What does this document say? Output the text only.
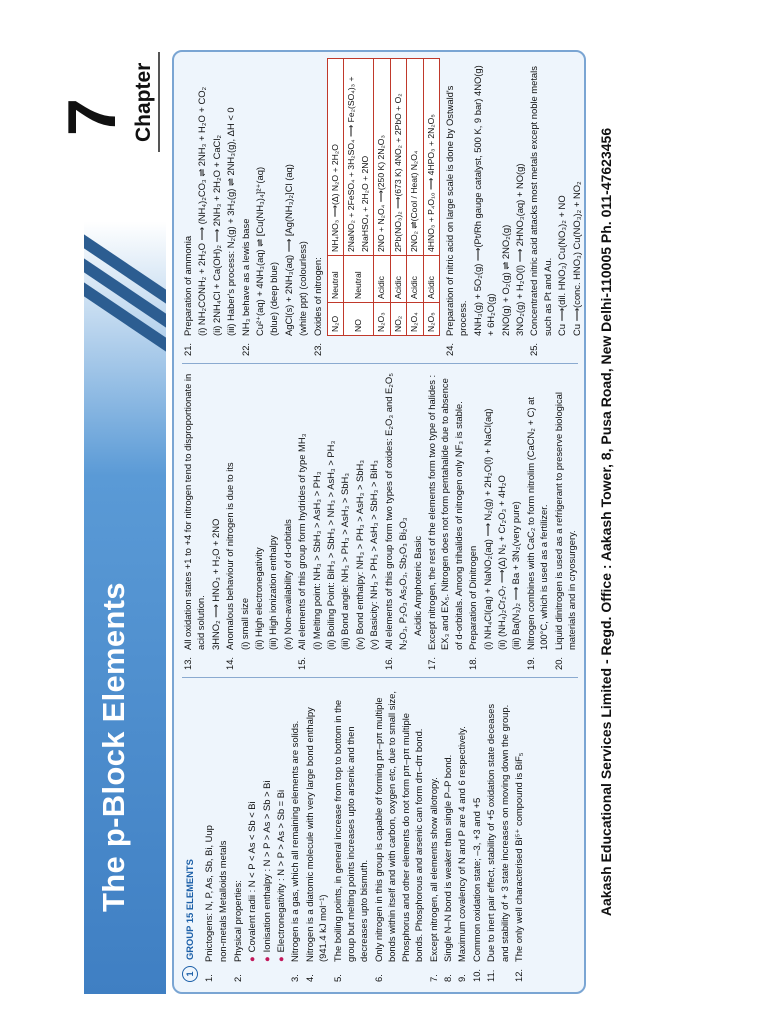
The p-Block Elements
7 Chapter
1
GROUP 15 ELEMENTS
1.
Pnictogens: N, P, As, Sb, Bi, Uup non-metals Metalloids metals
2.
Physical properties: ●Covalent radii : N < P < As < Sb < Bi
●Ionisation enthalpy : N > P > As > Sb > Bi
●Electronegativity : N > P > As > Sb = Bi
3.
Nitrogen is a gas, which all remaining elements are solids.
4.
Nitrogen is a diatomic molecule with very large bond enthalpy (941.4 kJ mol⁻¹)
5.
The boiling points, in general increase from top to bottom in the group but melting points increases upto arsenic and then decreases upto bismuth.
6.
Only nitrogen in this group is capable of forming pπ–pπ multiple bonds within itself and with carbon, oxygen etc, due to small size, Phosphorus and other elements do not form pπ–pπ multiple bonds. Phosphorous and arsenic can form dπ–dπ bond.
7.
Except nitrogen, all elements show allotropy.
8.
Single N–N bond is weaker than single P–P bond.
9.
Maximum covalency of N and P are 4 and 6 respectively.
10.
Common oxidation state; –3, +3 and +5
11.
Due to inert pair effect, stability of +5 oxidation state deceases and stability of + 3 state increases on moving down the group.
12.
The only well characterised Bi⁵⁺ compound is BiF₅
13.
All oxidation states +1 to +4 for nitrogen tend to disproportionate in acid solution. 3HNO₂ ⟶ HNO₃ + H₂O + 2NO
14.
Anomalous behaviour of nitrogen is due to its (i) small size (ii) High electronegativity (iii) High ionization enthalpy (iv) Non-availability of d-orbitals
15.
All elements of this group form hydrides of type MH₃ (i) Melting point: NH₃ > SbH₃ > AsH₃ > PH₃ (ii) Boiling Point: BiH₃ > SbH₃ > NH₃ > AsH₃ > PH₃ (iii) Bond angle: NH₃ > PH₃ > AsH₃ > SbH₃ (iv) Bond enthalpy: NH₃ > PH₃ > AsH₃ > SbH₃ (v) Basicity: NH₃ > PH₃ > AsH₃ > SbH₃ > BiH₃
16.
All elements of this group form two types of oxides: E₂O₃ and E₂O₅ N₂O₃, P₂O₃ As₂O₃, Sb₂O₃ Bi₂O₃ Acidic Amphoteric Basic
17.
Except nitrogen, the rest of the elements form two type of halides : EX₃ and EX₅. Nitrogen does not form pentahalide due to absence of d-orbitals. Among trihalides of nitrogen only NF₃ is stable.
18.
Preparation of Dinitrogen (i) NH₄Cl(aq) + NaNO₂(aq) ⟶ N₂(g) + 2H₂O(l) + NaCl(aq) (ii) (NH₄)₂Cr₂O₇ ⟶(Δ) N₂ + Cr₂O₃ + 4H₂O (iii) Ba(N₃)₂ ⟶ Ba + 3N₂(very pure)
19.
Nitrogen combines with CaC₂ to form nitrolim (CaCN₂ + C) at 100°C, which is used as a fertilizer.
20.
Liquid dinitrogen is used as a refrigerant to preserve biological materials and in cryosurgery.
21.
Preparation of ammonia (i) NH₂CONH₂ + 2H₂O ⟶ (NH₄)₂CO₃ ⇌ 2NH₃ + H₂O + CO₂ (ii) 2NH₄Cl + Ca(OH)₂ ⟶ 2NH₃ + 2H₂O + CaCl₂ (iii) Haber's process: N₂(g) + 3H₂(g) ⇌ 2NH₃(g), ΔH < 0
22.
NH₃ behave as a lewis base Cu²⁺(aq) + 4NH₃(aq) ⇌ [Cu(NH₃)₄]²⁺(aq) (blue) (deep blue) AgCl(s) + 2NH₃(aq) ⟶ [Ag(NH₃)₂]Cl (aq) (white ppt) (colourless)
23.
Oxides of nitrogen: N₂O	Neutral	NH₄NO₃ ⟶(Δ) N₂O + 2H₂O
NO	Neutral	2NaNO₂ + 2FeSO₄ + 3H₂SO₄ ⟶ Fe₂(SO₄)₃ + 2NaHSO₄ + 2H₂O + 2NO
N₂O₃	Acidic	2NO + N₂O₄ ⟶(250 K) 2N₂O₃
NO₂	Acidic	2Pb(NO₃)₂ ⟶(673 K) 4NO₂ + 2PbO + O₂
N₂O₄	Acidic	2NO₂ ⇌(Cool / Heat) N₂O₄
N₂O₅	Acidic	4HNO₃ + P₄O₁₀ ⟶ 4HPO₃ + 2N₂O₅
24.
Preparation of nitric acid on large scale is done by Ostwald's process. 4NH₃(g) + 5O₂(g) ⟶(Pt/Rh gauge catalyst, 500 K, 9 bar) 4NO(g) + 6H₂O(g) 2NO(g) + O₂(g) ⇌ 2NO₂(g) 3NO₂(g) + H₂O(l) ⟶ 2HNO₃(aq) + NO(g)
25.
Concentrated nitric acid attacks most metals except noble metals such as Pt and Au. Cu ⟶(dil. HNO₃) Cu(NO₃)₂ + NO Cu ⟶(conc. HNO₃) Cu(NO₃)₂ + NO₂ Aakash Educational Services Limited - Regd. Office : Aakash Tower, 8, Pusa Road, New Delhi-110005 Ph. 011-47623456
